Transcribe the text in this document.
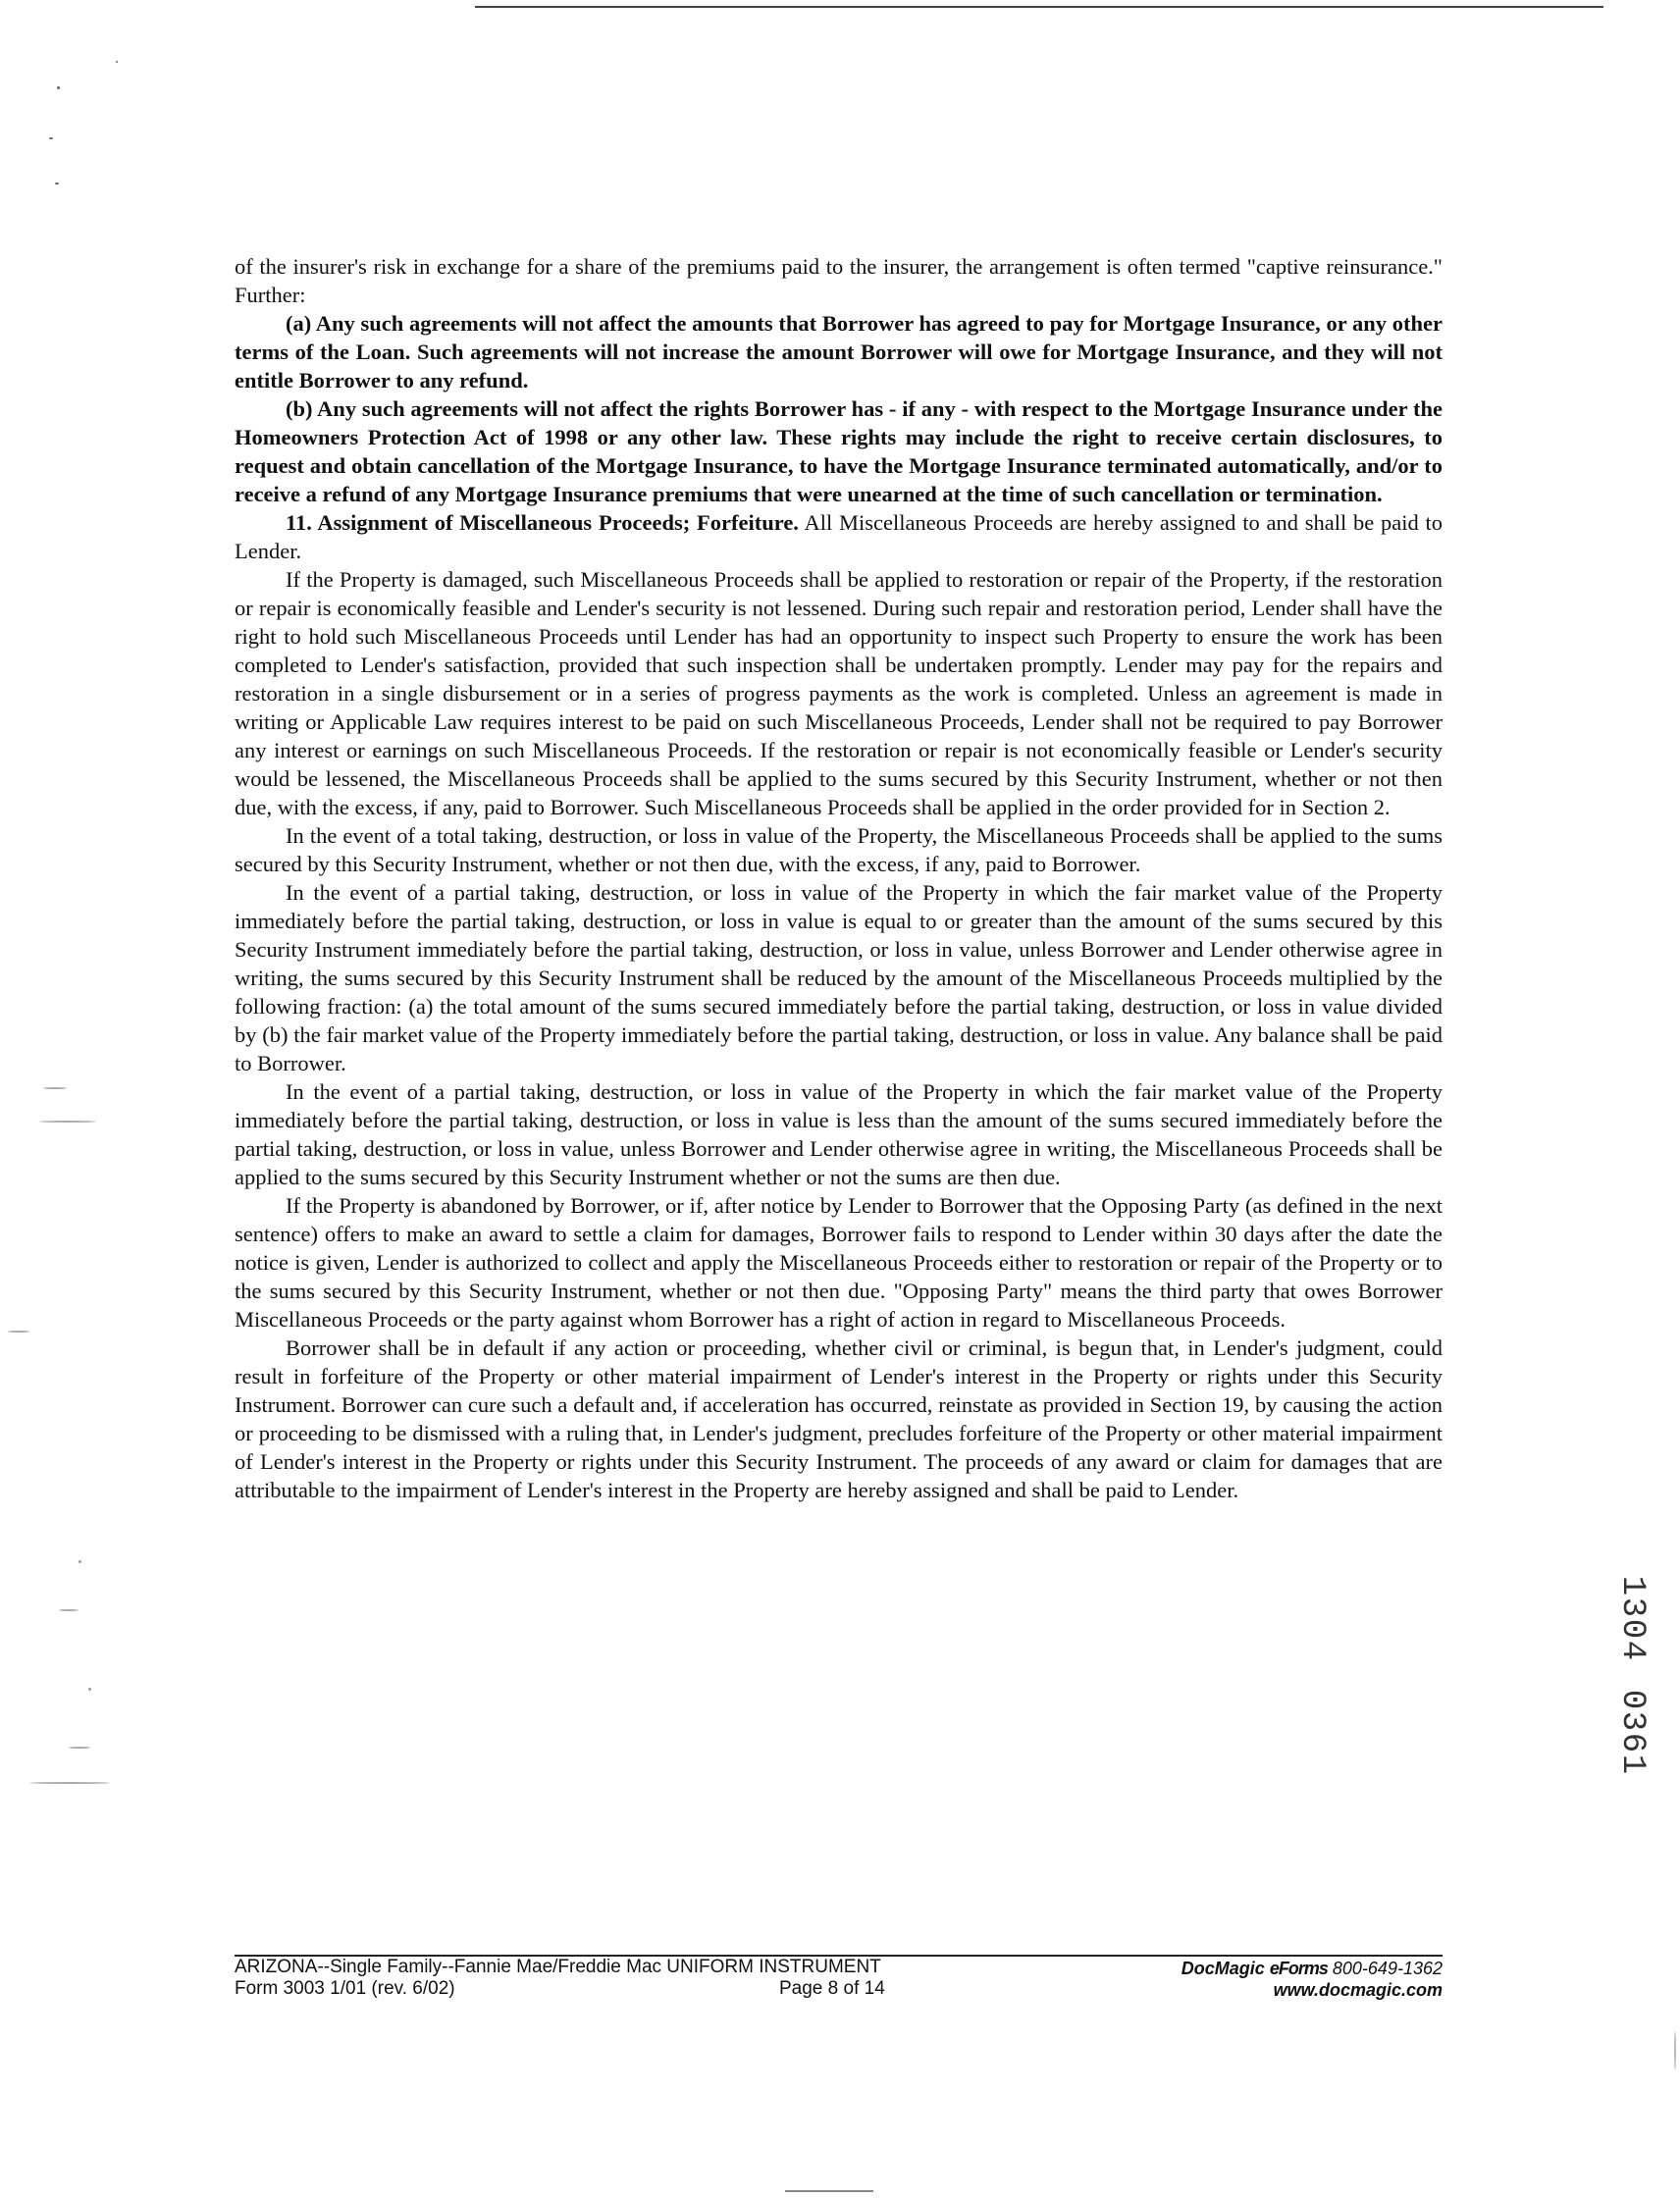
of the insurer's risk in exchange for a share of the premiums paid to the insurer, the arrangement is often termed "captive reinsurance." Further:

(a) Any such agreements will not affect the amounts that Borrower has agreed to pay for Mortgage Insurance, or any other terms of the Loan. Such agreements will not increase the amount Borrower will owe for Mortgage Insurance, and they will not entitle Borrower to any refund.

(b) Any such agreements will not affect the rights Borrower has - if any - with respect to the Mortgage Insurance under the Homeowners Protection Act of 1998 or any other law. These rights may include the right to receive certain disclosures, to request and obtain cancellation of the Mortgage Insurance, to have the Mortgage Insurance terminated automatically, and/or to receive a refund of any Mortgage Insurance premiums that were unearned at the time of such cancellation or termination.

11. Assignment of Miscellaneous Proceeds; Forfeiture. All Miscellaneous Proceeds are hereby assigned to and shall be paid to Lender.

If the Property is damaged, such Miscellaneous Proceeds shall be applied to restoration or repair of the Property, if the restoration or repair is economically feasible and Lender's security is not lessened. During such repair and restoration period, Lender shall have the right to hold such Miscellaneous Proceeds until Lender has had an opportunity to inspect such Property to ensure the work has been completed to Lender's satisfaction, provided that such inspection shall be undertaken promptly. Lender may pay for the repairs and restoration in a single disbursement or in a series of progress payments as the work is completed. Unless an agreement is made in writing or Applicable Law requires interest to be paid on such Miscellaneous Proceeds, Lender shall not be required to pay Borrower any interest or earnings on such Miscellaneous Proceeds. If the restoration or repair is not economically feasible or Lender's security would be lessened, the Miscellaneous Proceeds shall be applied to the sums secured by this Security Instrument, whether or not then due, with the excess, if any, paid to Borrower. Such Miscellaneous Proceeds shall be applied in the order provided for in Section 2.

In the event of a total taking, destruction, or loss in value of the Property, the Miscellaneous Proceeds shall be applied to the sums secured by this Security Instrument, whether or not then due, with the excess, if any, paid to Borrower.

In the event of a partial taking, destruction, or loss in value of the Property in which the fair market value of the Property immediately before the partial taking, destruction, or loss in value is equal to or greater than the amount of the sums secured by this Security Instrument immediately before the partial taking, destruction, or loss in value, unless Borrower and Lender otherwise agree in writing, the sums secured by this Security Instrument shall be reduced by the amount of the Miscellaneous Proceeds multiplied by the following fraction: (a) the total amount of the sums secured immediately before the partial taking, destruction, or loss in value divided by (b) the fair market value of the Property immediately before the partial taking, destruction, or loss in value. Any balance shall be paid to Borrower.

In the event of a partial taking, destruction, or loss in value of the Property in which the fair market value of the Property immediately before the partial taking, destruction, or loss in value is less than the amount of the sums secured immediately before the partial taking, destruction, or loss in value, unless Borrower and Lender otherwise agree in writing, the Miscellaneous Proceeds shall be applied to the sums secured by this Security Instrument whether or not the sums are then due.

If the Property is abandoned by Borrower, or if, after notice by Lender to Borrower that the Opposing Party (as defined in the next sentence) offers to make an award to settle a claim for damages, Borrower fails to respond to Lender within 30 days after the date the notice is given, Lender is authorized to collect and apply the Miscellaneous Proceeds either to restoration or repair of the Property or to the sums secured by this Security Instrument, whether or not then due. "Opposing Party" means the third party that owes Borrower Miscellaneous Proceeds or the party against whom Borrower has a right of action in regard to Miscellaneous Proceeds.

Borrower shall be in default if any action or proceeding, whether civil or criminal, is begun that, in Lender's judgment, could result in forfeiture of the Property or other material impairment of Lender's interest in the Property or rights under this Security Instrument. Borrower can cure such a default and, if acceleration has occurred, reinstate as provided in Section 19, by causing the action or proceeding to be dismissed with a ruling that, in Lender's judgment, precludes forfeiture of the Property or other material impairment of Lender's interest in the Property or rights under this Security Instrument. The proceeds of any award or claim for damages that are attributable to the impairment of Lender's interest in the Property are hereby assigned and shall be paid to Lender.

1
3
0
4
0
3
6
1
ARIZONA--Single Family--Fannie Mae/Freddie Mac UNIFORM INSTRUMENT
Form 3003 1/01 (rev. 6/02)	Page 8 of 14
DocMagic eForms 800-649-1362
www.docmagic.com
